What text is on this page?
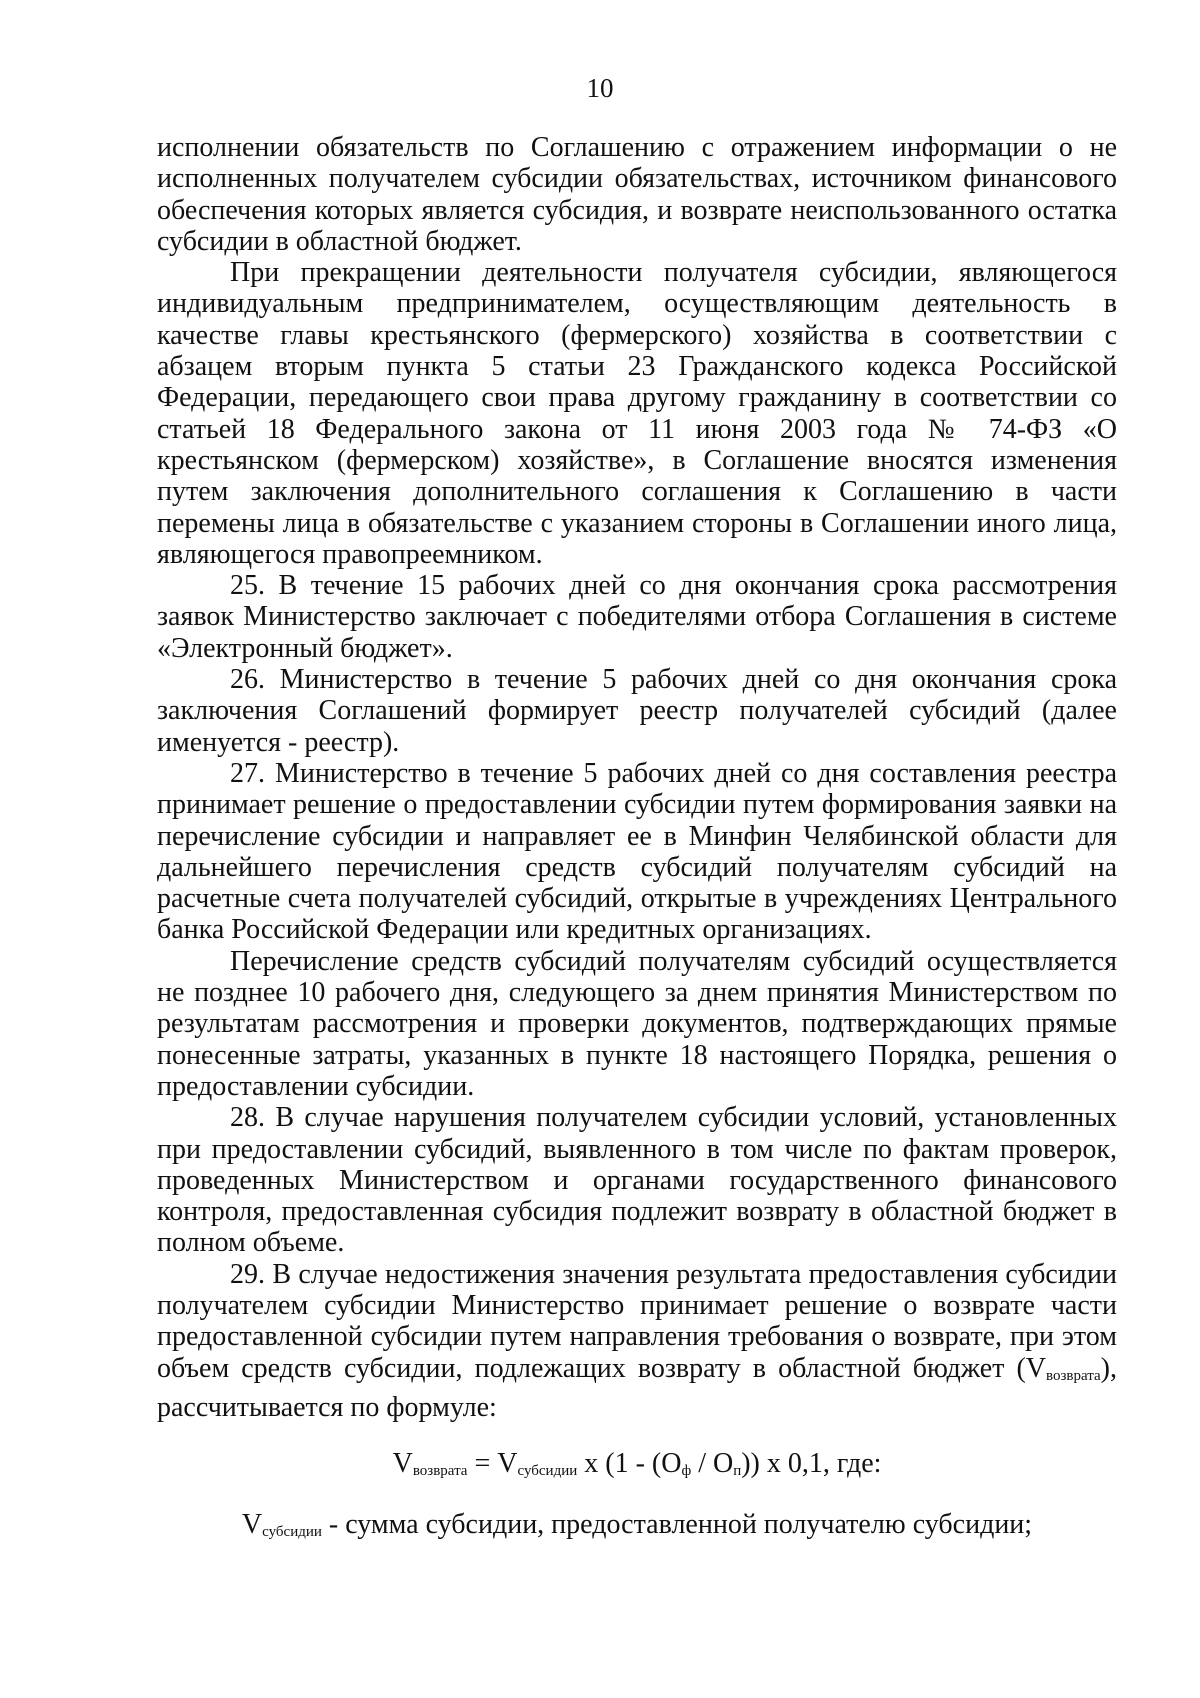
10

исполнении обязательств по Соглашению с отражением информации о не исполненных получателем субсидии обязательствах, источником финансового обеспечения которых является субсидия, и возврате неиспользованного остатка субсидии в областной бюджет.

При прекращении деятельности получателя субсидии, являющегося индивидуальным предпринимателем, осуществляющим деятельность в качестве главы крестьянского (фермерского) хозяйства в соответствии с абзацем вторым пункта 5 статьи 23 Гражданского кодекса Российской Федерации, передающего свои права другому гражданину в соответствии со статьей 18 Федерального закона от 11 июня 2003 года № 74-ФЗ «О крестьянском (фермерском) хозяйстве», в Соглашение вносятся изменения путем заключения дополнительного соглашения к Соглашению в части перемены лица в обязательстве с указанием стороны в Соглашении иного лица, являющегося правопреемником.

25. В течение 15 рабочих дней со дня окончания срока рассмотрения заявок Министерство заключает с победителями отбора Соглашения в системе «Электронный бюджет».

26. Министерство в течение 5 рабочих дней со дня окончания срока заключения Соглашений формирует реестр получателей субсидий (далее именуется - реестр).

27. Министерство в течение 5 рабочих дней со дня составления реестра принимает решение о предоставлении субсидии путем формирования заявки на перечисление субсидии и направляет ее в Минфин Челябинской области для дальнейшего перечисления средств субсидий получателям субсидий на расчетные счета получателей субсидий, открытые в учреждениях Центрального банка Российской Федерации или кредитных организациях.

Перечисление средств субсидий получателям субсидий осуществляется не позднее 10 рабочего дня, следующего за днем принятия Министерством по результатам рассмотрения и проверки документов, подтверждающих прямые понесенные затраты, указанных в пункте 18 настоящего Порядка, решения о предоставлении субсидии.

28. В случае нарушения получателем субсидии условий, установленных при предоставлении субсидий, выявленного в том числе по фактам проверок, проведенных Министерством и органами государственного финансового контроля, предоставленная субсидия подлежит возврату в областной бюджет в полном объеме.

29. В случае недостижения значения результата предоставления субсидии получателем субсидии Министерство принимает решение о возврате части предоставленной субсидии путем направления требования о возврате, при этом объем средств субсидии, подлежащих возврату в областной бюджет $(V_{возврата})$, рассчитывается по формуле:

$V_{возврата} = V_{субсидии}$ x $(1 - (O_ф / O_п))$ x 0,1, где:

$V_{субсидии}$ - сумма субсидии, предоставленной получателю субсидии;
